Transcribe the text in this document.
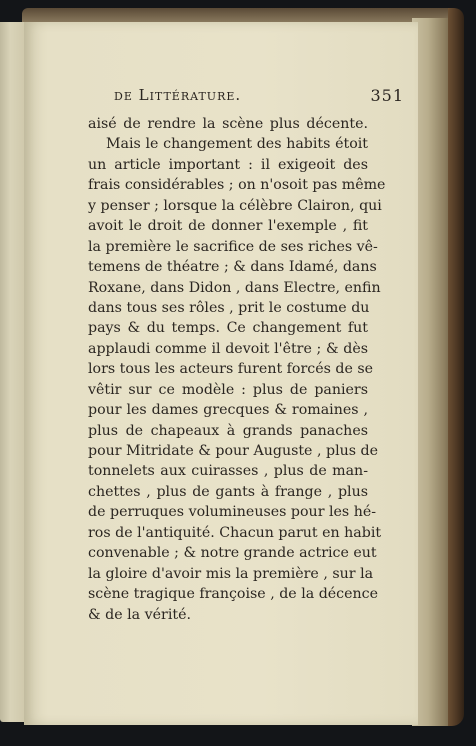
de Littérature.	351
aisé de rendre la scène plus décente.
Mais le changement des habits étoit
un article important : il exigeoit des
frais considérables ; on n'osoit pas même
y penser ; lorsque la célèbre Clairon, qui
avoit le droit de donner l'exemple , fit
la première le sacrifice de ses riches vê-
temens de théatre ; & dans Idamé, dans
Roxane, dans Didon , dans Electre, enfin
dans tous ses rôles , prit le costume du
pays & du temps. Ce changement fut
applaudi comme il devoit l'être ; & dès
lors tous les acteurs furent forcés de se
vêtir sur ce modèle : plus de paniers
pour les dames grecques & romaines ,
plus de chapeaux à grands panaches
pour Mitridate & pour Auguste , plus de
tonnelets aux cuirasses , plus de man-
chettes , plus de gants à frange , plus
de perruques volumineuses pour les hé-
ros de l'antiquité. Chacun parut en habit
convenable ; & notre grande actrice eut
la gloire d'avoir mis la première , sur la
scène tragique françoise , de la décence
& de la vérité.
